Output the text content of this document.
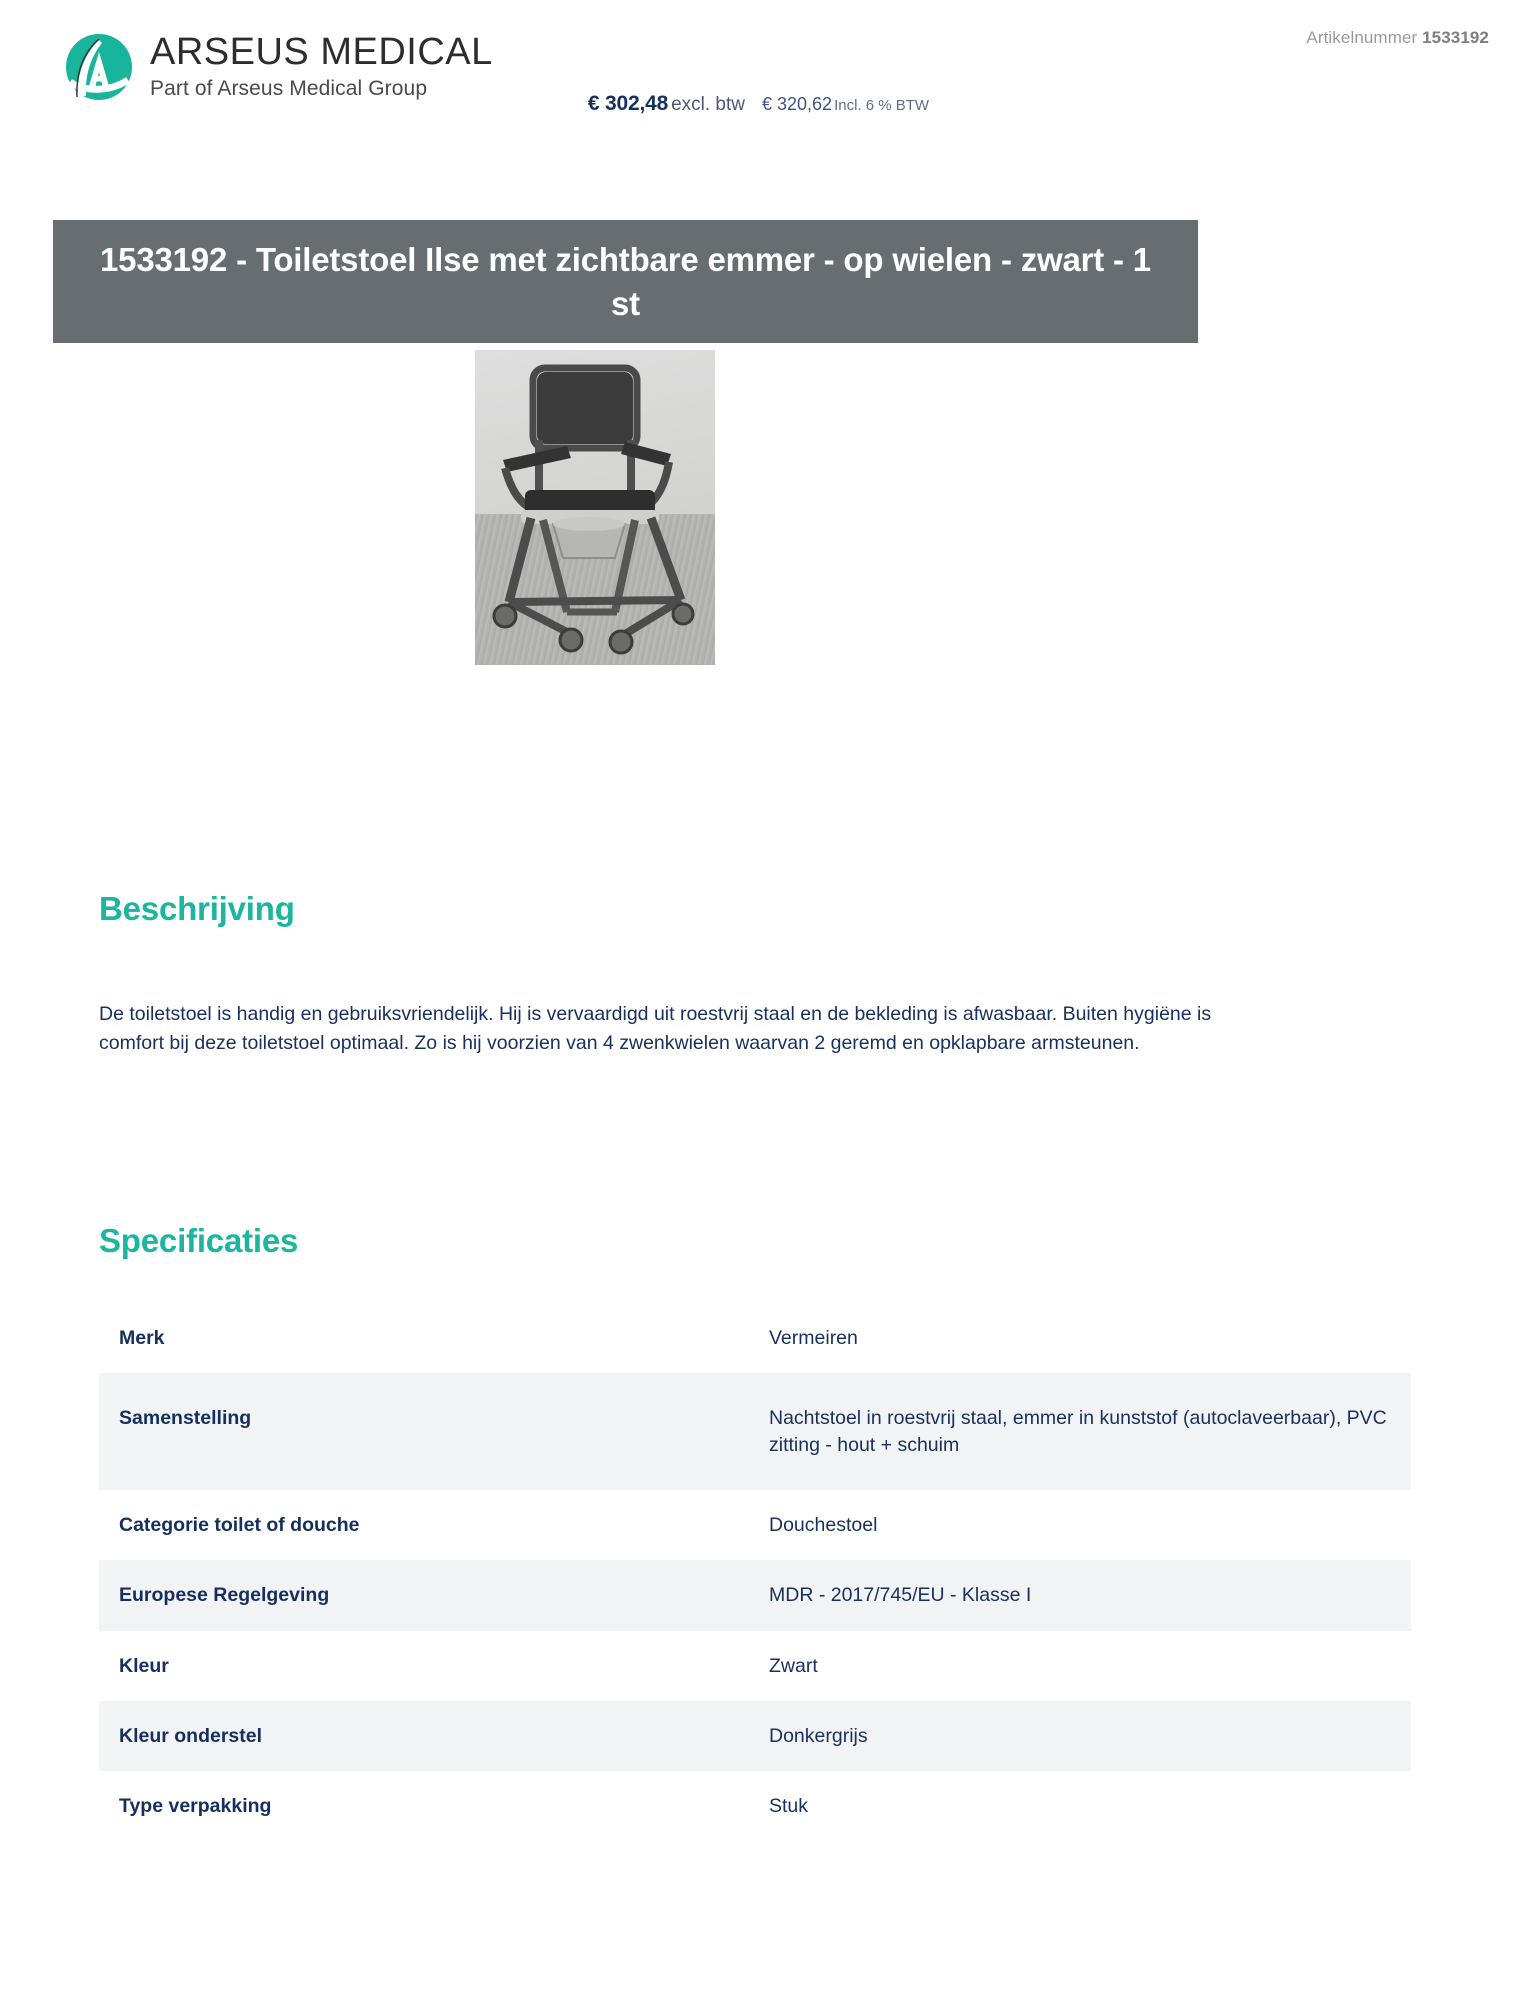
ARSEUS MEDICAL
Part of Arseus Medical Group
Artikelnummer 1533192
€ 302,48 excl. btw € 320,62 Incl. 6 % BTW
1533192 - Toiletstoel Ilse met zichtbare emmer - op wielen - zwart - 1 st
Beschrijving

De toiletstoel is handig en gebruiksvriendelijk. Hij is vervaardigd uit roestvrij staal en de bekleding is afwasbaar. Buiten hygiëne is comfort bij deze toiletstoel optimaal. Zo is hij voorzien van 4 zwenkwielen waarvan 2 geremd en opklapbare armsteunen.

Specificaties
Merk	Vermeiren
Samenstelling	Nachtstoel in roestvrij staal, emmer in kunststof (autoclaveerbaar), PVC zitting - hout + schuim
Categorie toilet of douche	Douchestoel
Europese Regelgeving	MDR - 2017/745/EU - Klasse I
Kleur	Zwart
Kleur onderstel	Donkergrijs
Type verpakking	Stuk
